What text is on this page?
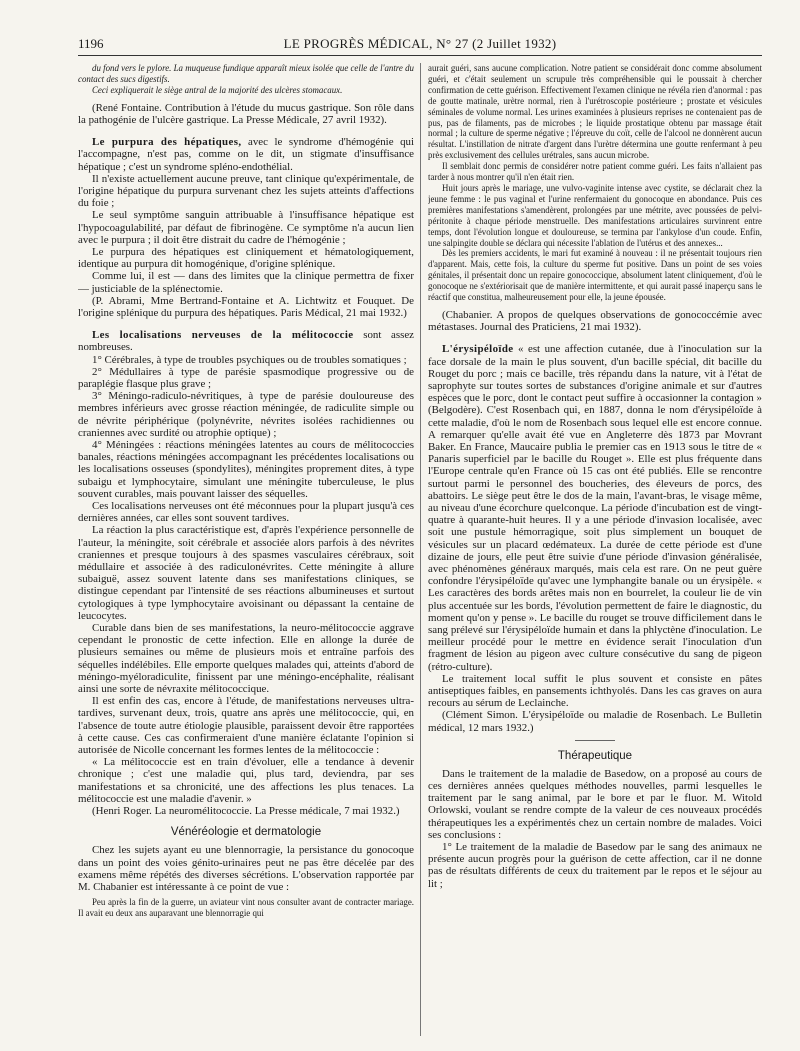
1196	LE PROGRÈS MÉDICAL, N° 27 (2 Juillet 1932)

du fond vers le pylore. La muqueuse fundique apparaît mieux isolée que celle de l'antre du contact des sucs digestifs.

Ceci expliquerait le siège antral de la majorité des ulcères stomacaux.

(René Fontaine. Contribution à l'étude du mucus gastrique. Son rôle dans la pathogénie de l'ulcère gastrique. La Presse Médicale, 27 avril 1932).

Le purpura des hépatiques, avec le syndrome d'hémogénie qui l'accompagne, n'est pas, comme on le dit, un stigmate d'insuffisance hépatique ; c'est un syndrome spléno-endothélial.

Il n'existe actuellement aucune preuve, tant clinique qu'expérimentale, de l'origine hépatique du purpura survenant chez les sujets atteints d'affections du foie ;

Le seul symptôme sanguin attribuable à l'insuffisance hépatique est l'hypocoagulabilité, par défaut de fibrinogène. Ce symptôme n'a aucun lien avec le purpura ; il doit être distrait du cadre de l'hémogénie ;

Le purpura des hépatiques est cliniquement et hématologiquement, identique au purpura dit homogénique, d'origine splénique.

Comme lui, il est — dans des limites que la clinique permettra de fixer — justiciable de la splénectomie.

(P. Abrami, Mme Bertrand-Fontaine et A. Lichtwitz et Fouquet. De l'origine splénique du purpura des hépatiques. Paris Médical, 21 mai 1932.)

Les localisations nerveuses de la mélitococcie sont assez nombreuses.

1° Cérébrales, à type de troubles psychiques ou de troubles somatiques ;

2° Médullaires à type de parésie spasmodique progressive ou de paraplégie flasque plus grave ;

3° Méningo-radiculo-névritiques, à type de parésie douloureuse des membres inférieurs avec grosse réaction méningée, de radiculite simple ou de névrite périphérique (polynévrite, névrites isolées rachidiennes ou craniennes avec surdité ou atrophie optique) ;

4° Méningées : réactions méningées latentes au cours de mélitococcies banales, réactions méningées accompagnant les précédentes localisations ou les localisations osseuses (spondylites), méningites proprement dites, à type subaigu et lymphocytaire, simulant une méningite tuberculeuse, le plus souvent curables, mais pouvant laisser des séquelles.

Ces localisations nerveuses ont été méconnues pour la plupart jusqu'à ces dernières années, car elles sont souvent tardives.

La réaction la plus caractéristique est, d'après l'expérience personnelle de l'auteur, la méningite, soit cérébrale et associée alors parfois à des névrites craniennes et presque toujours à des spasmes vasculaires cérébraux, soit médullaire et associée à des radiculonévrites. Cette méningite à allure subaiguë, assez souvent latente dans ses manifestations cliniques, se distingue cependant par l'intensité de ses réactions albumineuses et surtout cytologiques à type lymphocytaire avoisinant ou dépassant la centaine de leucocytes.

Curable dans bien de ses manifestations, la neuro-mélitococcie aggrave cependant le pronostic de cette infection. Elle en allonge la durée de plusieurs semaines ou même de plusieurs mois et entraîne parfois des séquelles indélébiles. Elle emporte quelques malades qui, atteints d'abord de méningo-myéloradiculite, finissent par une méningo-encéphalite, réalisant ainsi une sorte de névraxite mélitococcique.

Il est enfin des cas, encore à l'étude, de manifestations nerveuses ultra-tardives, survenant deux, trois, quatre ans après une mélitococcie, qui, en l'absence de toute autre étiologie plausible, paraissent devoir être rapportées à cette cause. Ces cas confirmeraient d'une manière éclatante l'opinion si autorisée de Nicolle concernant les formes lentes de la mélitococcie :

« La mélitococcie est en train d'évoluer, elle a tendance à devenir chronique ; c'est une maladie qui, plus tard, deviendra, par ses manifestations et sa chronicité, une des affections les plus tenaces. La mélitococcie est une maladie d'avenir. »

(Henri Roger. La neuromélitococcie. La Presse médicale, 7 mai 1932.)

Vénéréologie et dermatologie

Chez les sujets ayant eu une blennorragie, la persistance du gonocoque dans un point des voies génito-urinaires peut ne pas être décelée par des examens même répétés des diverses sécrétions. L'observation rapportée par M. Chabanier est intéressante à ce point de vue :

Peu après la fin de la guerre, un aviateur vint nous consulter avant de contracter mariage. Il avait eu deux ans auparavant une blennorragie qui

aurait guéri, sans aucune complication. Notre patient se considérait donc comme absolument guéri, et c'était seulement un scrupule très compréhensible qui le poussait à chercher confirmation de cette guérison. Effectivement l'examen clinique ne révéla rien d'anormal : pas de goutte matinale, urètre normal, rien à l'urétroscopie postérieure ; prostate et vésicules séminales de volume normal. Les urines examinées à plusieurs reprises ne contenaient pas de pus, pas de filaments, pas de microbes ; le liquide prostatique obtenu par massage était normal ; la culture de sperme négative ; l'épreuve du coït, celle de l'alcool ne donnèrent aucun résultat. L'instillation de nitrate d'argent dans l'urètre détermina une goutte renfermant à peu près exclusivement des cellules urétrales, sans aucun microbe.

Il semblait donc permis de considérer notre patient comme guéri. Les faits n'allaient pas tarder à nous montrer qu'il n'en était rien.

Huit jours après le mariage, une vulvo-vaginite intense avec cystite, se déclarait chez la jeune femme : le pus vaginal et l'urine renfermaient du gonocoque en abondance. Puis ces premières manifestations s'amendèrent, prolongées par une métrite, avec poussées de pelvi-péritonite à chaque période menstruelle. Des manifestations articulaires survinrent entre temps, dont l'évolution longue et douloureuse, se termina par l'ankylose d'un coude. Enfin, une salpingite double se déclara qui nécessite l'ablation de l'utérus et des annexes...

Dès les premiers accidents, le mari fut examiné à nouveau : il ne présentait toujours rien d'apparent. Mais, cette fois, la culture du sperme fut positive. Dans un point de ses voies génitales, il présentait donc un repaire gonococcique, absolument latent cliniquement, d'où le gonocoque ne s'extériorisait que de manière intermittente, et qui aurait passé inaperçu sans le réactif que constitua, malheureusement pour elle, la jeune épousée.

(Chabanier. A propos de quelques observations de gonococcémie avec métastases. Journal des Praticiens, 21 mai 1932).

L'érysipéloïde « est une affection cutanée, due à l'inoculation sur la face dorsale de la main le plus souvent, d'un bacille spécial, dit bacille du Rouget du porc ; mais ce bacille, très répandu dans la nature, vit à l'état de saprophyte sur toutes sortes de substances d'origine animale et sur d'autres espèces que le porc, dont le contact peut suffire à occasionner la contagion » (Belgodère). C'est Rosenbach qui, en 1887, donna le nom d'érysipéloïde à cette maladie, d'où le nom de Rosenbach sous lequel elle est encore connue. A remarquer qu'elle avait été vue en Angleterre dès 1873 par Movrant Baker. En France, Maucaire publia le premier cas en 1913 sous le titre de « Panaris superficiel par le bacille du Rouget ». Elle est plus fréquente dans l'Europe centrale qu'en France où 15 cas ont été publiés. Elle se rencontre surtout parmi le personnel des boucheries, des éleveurs de porcs, des abattoirs. Le siège peut être le dos de la main, l'avant-bras, le visage même, au niveau d'une écorchure quelconque. La période d'incubation est de vingt-quatre à quarante-huit heures. Il y a une période d'invasion localisée, avec soit une pustule hémorragique, soit plus simplement un bouquet de vésicules sur un placard œdémateux. La durée de cette période est d'une dizaine de jours, elle peut être suivie d'une période d'invasion généralisée, avec phénomènes généraux marqués, mais cela est rare. On ne peut guère confondre l'érysipéloïde qu'avec une lymphangite banale ou un érysipèle. « Les caractères des bords arêtes mais non en bourrelet, la couleur lie de vin plus accentuée sur les bords, l'évolution permettent de faire le diagnostic, du moment qu'on y pense ». Le bacille du rouget se trouve difficilement dans le sang prélevé sur l'érysipéloïde humain et dans la phlyctène d'inoculation. Le meilleur procédé pour le mettre en évidence serait l'inoculation d'un fragment de lésion au pigeon avec culture consécutive du sang de pigeon (rétro-culture).

Le traitement local suffit le plus souvent et consiste en pâtes antiseptiques faibles, en pansements ichthyolés. Dans les cas graves on aura recours au sérum de Leclainche.

(Clément Simon. L'érysipéloïde ou maladie de Rosenbach. Le Bulletin médical, 12 mars 1932.)

Thérapeutique

Dans le traitement de la maladie de Basedow, on a proposé au cours de ces dernières années quelques méthodes nouvelles, parmi lesquelles le traitement par le sang animal, par le bore et par le fluor. M. Witold Orlowski, voulant se rendre compte de la valeur de ces nouveaux procédés thérapeutiques les a expérimentés chez un certain nombre de malades. Voici ses conclusions :

1° Le traitement de la maladie de Basedow par le sang des animaux ne présente aucun progrès pour la guérison de cette affection, car il ne donne pas de résultats différents de ceux du traitement par le repos et le séjour au lit ;
